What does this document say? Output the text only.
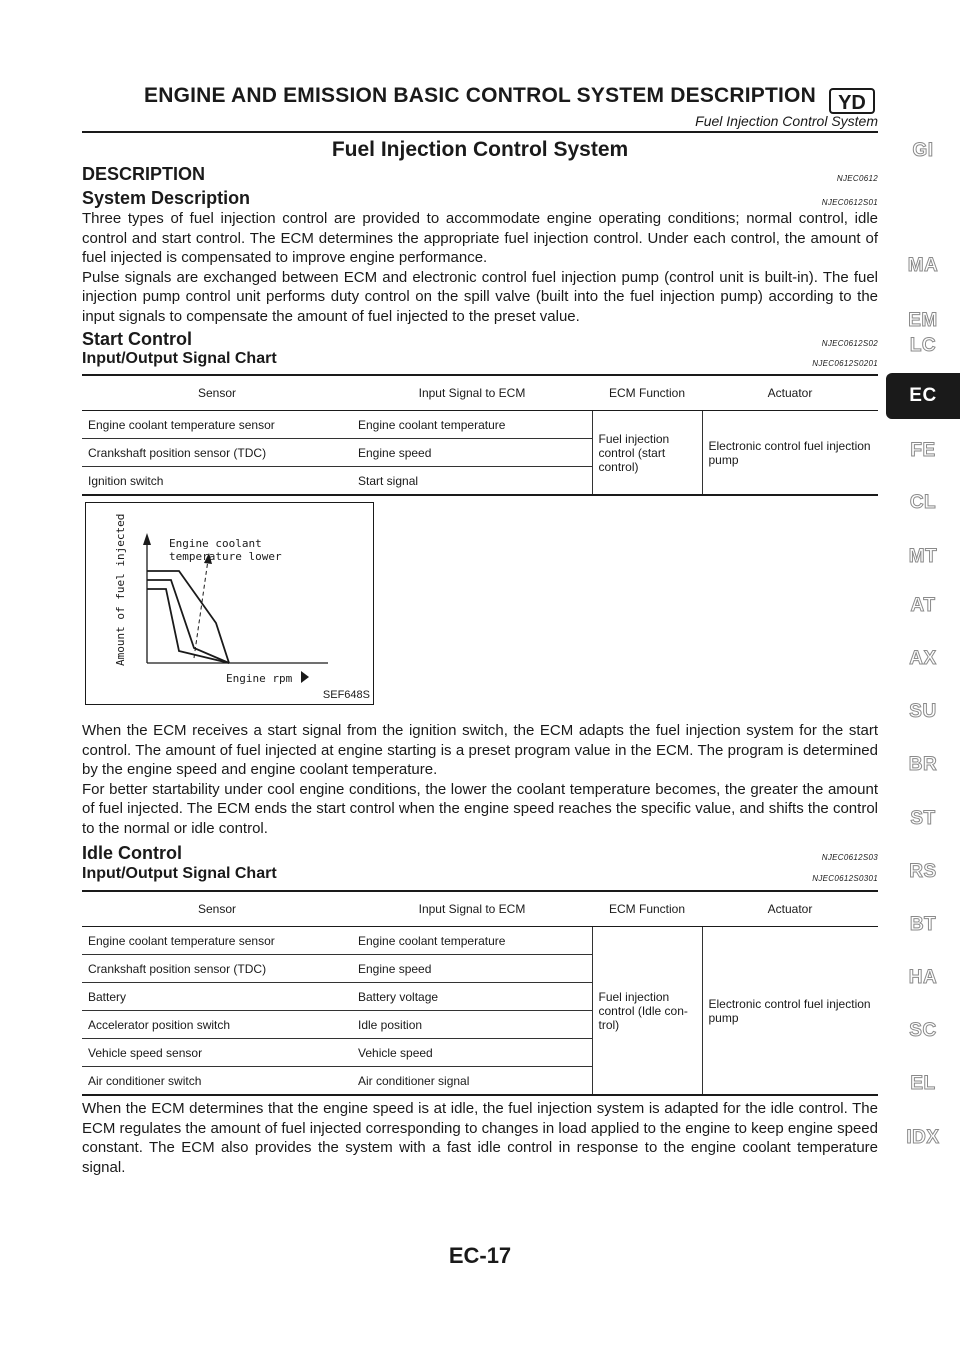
ENGINE AND EMISSION BASIC CONTROL SYSTEM DESCRIPTION	YD
Fuel Injection Control System
Fuel Injection Control System
DESCRIPTION	NJEC0612
System Description	NJEC0612S01

Three types of fuel injection control are provided to accommodate engine operating conditions; normal control, idle control and start control. The ECM determines the appropriate fuel injection control. Under each control, the amount of fuel injected is compensated to improve engine performance.

Pulse signals are exchanged between ECM and electronic control fuel injection pump (control unit is built-in). The fuel injection pump control unit performs duty control on the spill valve (built into the fuel injection pump) according to the input signals to compensate the amount of fuel injected to the preset value.

Start Control	NJEC0612S02
Input/Output Signal Chart	NJEC0612S0201
Sensor	Input Signal to ECM	ECM Function	Actuator
Engine coolant temperature sensor	Engine coolant temperature	Fuel injection control (start control)	Electronic control fuel injection pump
Crankshaft position sensor (TDC)	Engine speed		
Ignition switch	Start signal		
Engine coolant
temperature lower
Amount of fuel injected
Engine rpm
SEF648S

When the ECM receives a start signal from the ignition switch, the ECM adapts the fuel injection system for the start control. The amount of fuel injected at engine starting is a preset program value in the ECM. The program is determined by the engine speed and engine coolant temperature.

For better startability under cool engine conditions, the lower the coolant temperature becomes, the greater the amount of fuel injected. The ECM ends the start control when the engine speed reaches the specific value, and shifts the control to the normal or idle control.

Idle Control	NJEC0612S03
Input/Output Signal Chart	NJEC0612S0301
Sensor	Input Signal to ECM	ECM Function	Actuator
Engine coolant temperature sensor	Engine coolant temperature	Fuel injection control (Idle con- trol)	Electronic control fuel injection pump
Crankshaft position sensor (TDC)	Engine speed		
Battery	Battery voltage		
Accelerator position switch	Idle position		
Vehicle speed sensor	Vehicle speed		
Air conditioner switch	Air conditioner signal		

When the ECM determines that the engine speed is at idle, the fuel injection system is adapted for the idle control. The ECM regulates the amount of fuel injected corresponding to changes in load applied to the engine to keep engine speed constant. The ECM also provides the system with a fast idle control in response to the engine coolant temperature signal.

GI
MA
EM
LC
EC
FE
CL
MT
AT
AX
SU
BR
ST
RS
BT
HA
SC
EL
IDX
EC-17
